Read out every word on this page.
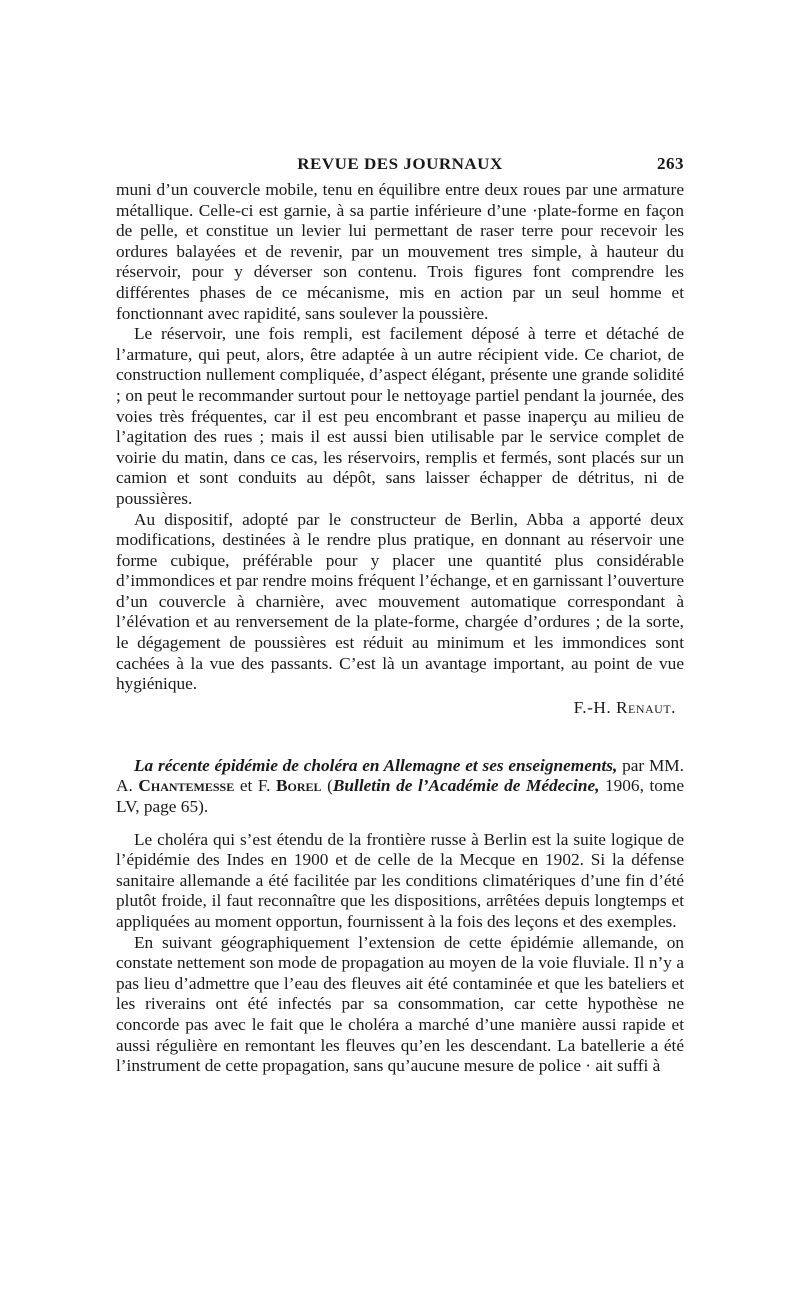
REVUE DES JOURNAUX	263

muni d’un couvercle mobile, tenu en équilibre entre deux roues par une armature métallique. Celle-ci est garnie, à sa partie inférieure d’une ·plate-forme en façon de pelle, et constitue un levier lui permettant de raser terre pour recevoir les ordures balayées et de revenir, par un mouvement tres simple, à hauteur du réservoir, pour y déverser son contenu. Trois figures font comprendre les différentes phases de ce mécanisme, mis en action par un seul homme et fonctionnant avec rapidité, sans soulever la poussière.

Le réservoir, une fois rempli, est facilement déposé à terre et détaché de l’armature, qui peut, alors, être adaptée à un autre récipient vide. Ce chariot, de construction nullement compliquée, d’aspect élégant, présente une grande solidité ; on peut le recommander surtout pour le nettoyage partiel pendant la journée, des voies très fréquentes, car il est peu encombrant et passe inaperçu au milieu de l’agitation des rues ; mais il est aussi bien utilisable par le service complet de voirie du matin, dans ce cas, les réservoirs, remplis et fermés, sont placés sur un camion et sont conduits au dépôt, sans laisser échapper de détritus, ni de poussières.

Au dispositif, adopté par le constructeur de Berlin, Abba a apporté deux modifications, destinées à le rendre plus pratique, en donnant au réservoir une forme cubique, préférable pour y placer une quantité plus considérable d’immondices et par rendre moins fréquent l’échange, et en garnissant l’ouverture d’un couvercle à charnière, avec mouvement automatique correspondant à l’élévation et au renversement de la plate-forme, chargée d’ordures ; de la sorte, le dégagement de poussières est réduit au minimum et les immondices sont cachées à la vue des passants. C’est là un avantage important, au point de vue hygiénique.

F.-H. Renaut.
La récente épidémie de choléra en Allemagne et ses enseignements, par MM. A. Chantemesse et F. Borel (Bulletin de l’Académie de Médecine, 1906, tome LV, page 65).

Le choléra qui s’est étendu de la frontière russe à Berlin est la suite logique de l’épidémie des Indes en 1900 et de celle de la Mecque en 1902. Si la défense sanitaire allemande a été facilitée par les conditions climatériques d’une fin d’été plutôt froide, il faut reconnaître que les dispositions, arrêtées depuis longtemps et appliquées au moment opportun, fournissent à la fois des leçons et des exemples.

En suivant géographiquement l’extension de cette épidémie allemande, on constate nettement son mode de propagation au moyen de la voie fluviale. Il n’y a pas lieu d’admettre que l’eau des fleuves ait été contaminée et que les bateliers et les riverains ont été infectés par sa consommation, car cette hypothèse ne concorde pas avec le fait que le choléra a marché d’une manière aussi rapide et aussi régulière en remontant les fleuves qu’en les descendant. La batellerie a été l’instrument de cette propagation, sans qu’aucune mesure de police · ait suffi à
